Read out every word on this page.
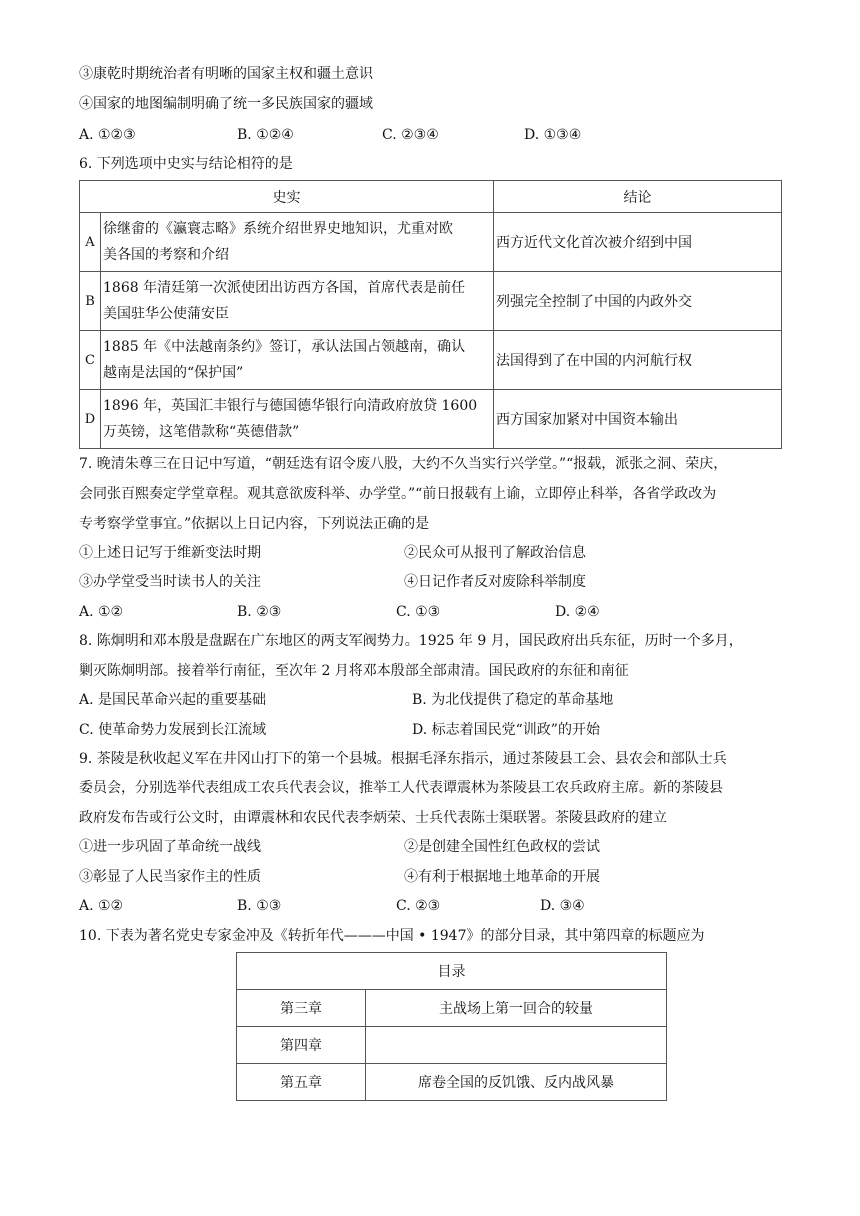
③康乾时期统治者有明晰的国家主权和疆土意识
④国家的地图编制明确了统一多民族国家的疆域
A. ①②③	B. ①②④	C. ②③④	D. ①③④
6. 下列选项中史实与结论相符的是
史实		结论
A	徐继畬的《瀛寰志略》系统介绍世界史地知识，尤重对欧
美各国的考察和介绍	西方近代文化首次被介绍到中国
B	1868 年清廷第一次派使团出访西方各国，首席代表是前任
美国驻华公使蒲安臣	列强完全控制了中国的内政外交
C	1885 年《中法越南条约》签订，承认法国占领越南，确认
越南是法国的“保护国”	法国得到了在中国的内河航行权
D	1896 年，英国汇丰银行与德国德华银行向清政府放贷 1600
万英镑，这笔借款称“英德借款”	西方国家加紧对中国资本输出
7. 晚清朱尊三在日记中写道，“朝廷迭有诏令废八股，大约不久当实行兴学堂。”“报载，派张之洞、荣庆，
会同张百熙奏定学堂章程。观其意欲废科举、办学堂。”“前日报载有上谕，立即停止科举，各省学政改为
专考察学堂事宜。”依据以上日记内容，下列说法正确的是
①上述日记写于维新变法时期	②民众可从报刊了解政治信息
③办学堂受当时读书人的关注	④日记作者反对废除科举制度
A. ①②	B. ②③	C. ①③	D. ②④
8. 陈炯明和邓本殷是盘踞在广东地区的两支军阀势力。1925 年 9 月，国民政府出兵东征，历时一个多月，
剿灭陈炯明部。接着举行南征，至次年 2 月将邓本殷部全部肃清。国民政府的东征和南征
A. 是国民革命兴起的重要基础	B. 为北伐提供了稳定的革命基地
C. 使革命势力发展到长江流域	D. 标志着国民党“训政”的开始
9. 茶陵是秋收起义军在井冈山打下的第一个县城。根据毛泽东指示，通过茶陵县工会、县农会和部队士兵
委员会，分别选举代表组成工农兵代表会议，推举工人代表谭震林为茶陵县工农兵政府主席。新的茶陵县
政府发布告或行公文时，由谭震林和农民代表李炳荣、士兵代表陈士渠联署。茶陵县政府的建立
①进一步巩固了革命统一战线	②是创建全国性红色政权的尝试
③彰显了人民当家作主的性质	④有利于根据地土地革命的开展
A. ①②	B. ①③	C. ②③	D. ③④
10. 下表为著名党史专家金冲及《转折年代———中国 • 1947》的部分目录，其中第四章的标题应为
目录	
第三章	主战场上第一回合的较量
第四章	
第五章	席卷全国的反饥饿、反内战风暴
